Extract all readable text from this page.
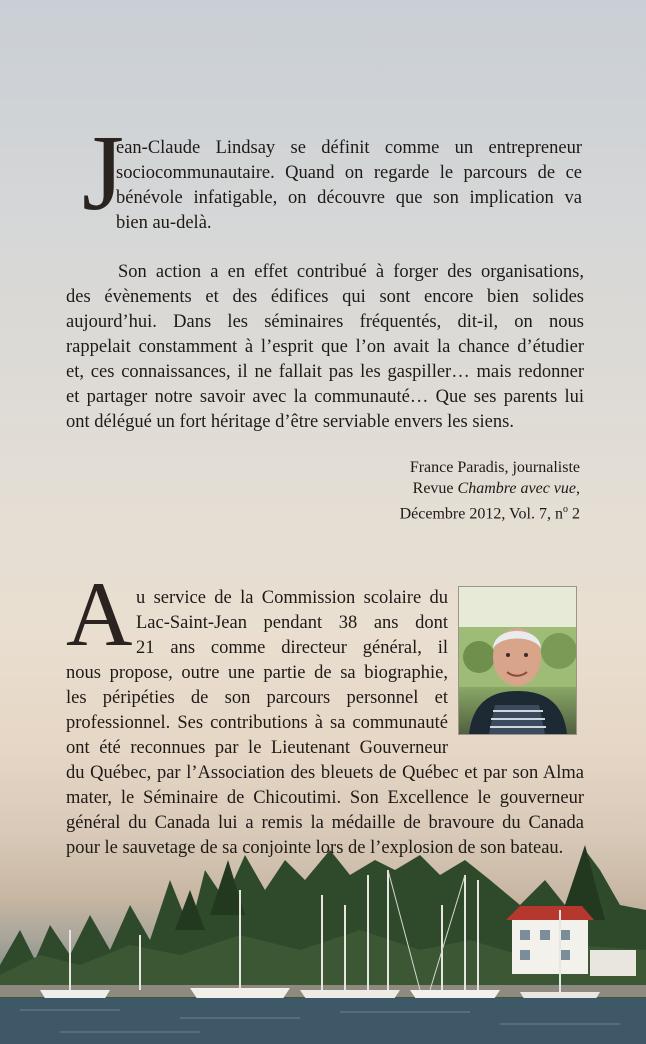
J
ean-Claude Lindsay se définit comme un entrepreneur
sociocommunautaire. Quand on regarde le parcours de ce
bénévole infatigable, on découvre que son implication va
bien au-delà.
Son action a en effet contribué à forger des organisations,
des évènements et des édifices qui sont encore bien solides
aujourd’hui. Dans les séminaires fréquentés, dit-il, on nous
rappelait constamment à l’esprit que l’on avait la chance d’étudier
et, ces connaissances, il ne fallait pas les gaspiller… mais redonner
et partager notre savoir avec la communauté… Que ses parents lui
ont délégué un fort héritage d’être serviable envers les siens.
France Paradis, journaliste
Revue Chambre avec vue,
Décembre 2012, Vol. 7, $n^o$ 2
A u service de la Commission scolaire du
Lac-Saint-Jean pendant 38 ans dont
21 ans comme directeur général, il
nous propose, outre une partie de sa biographie,
les péripéties de son parcours personnel et
professionnel. Ses contributions à sa communauté
ont été reconnues par le Lieutenant Gouverneur
du Québec, par l’Association des bleuets de Québec et par son Alma
mater, le Séminaire de Chicoutimi. Son Excellence le gouverneur
général du Canada lui a remis la médaille de bravoure du Canada
pour le sauvetage de sa conjointe lors de l’explosion de son bateau.
